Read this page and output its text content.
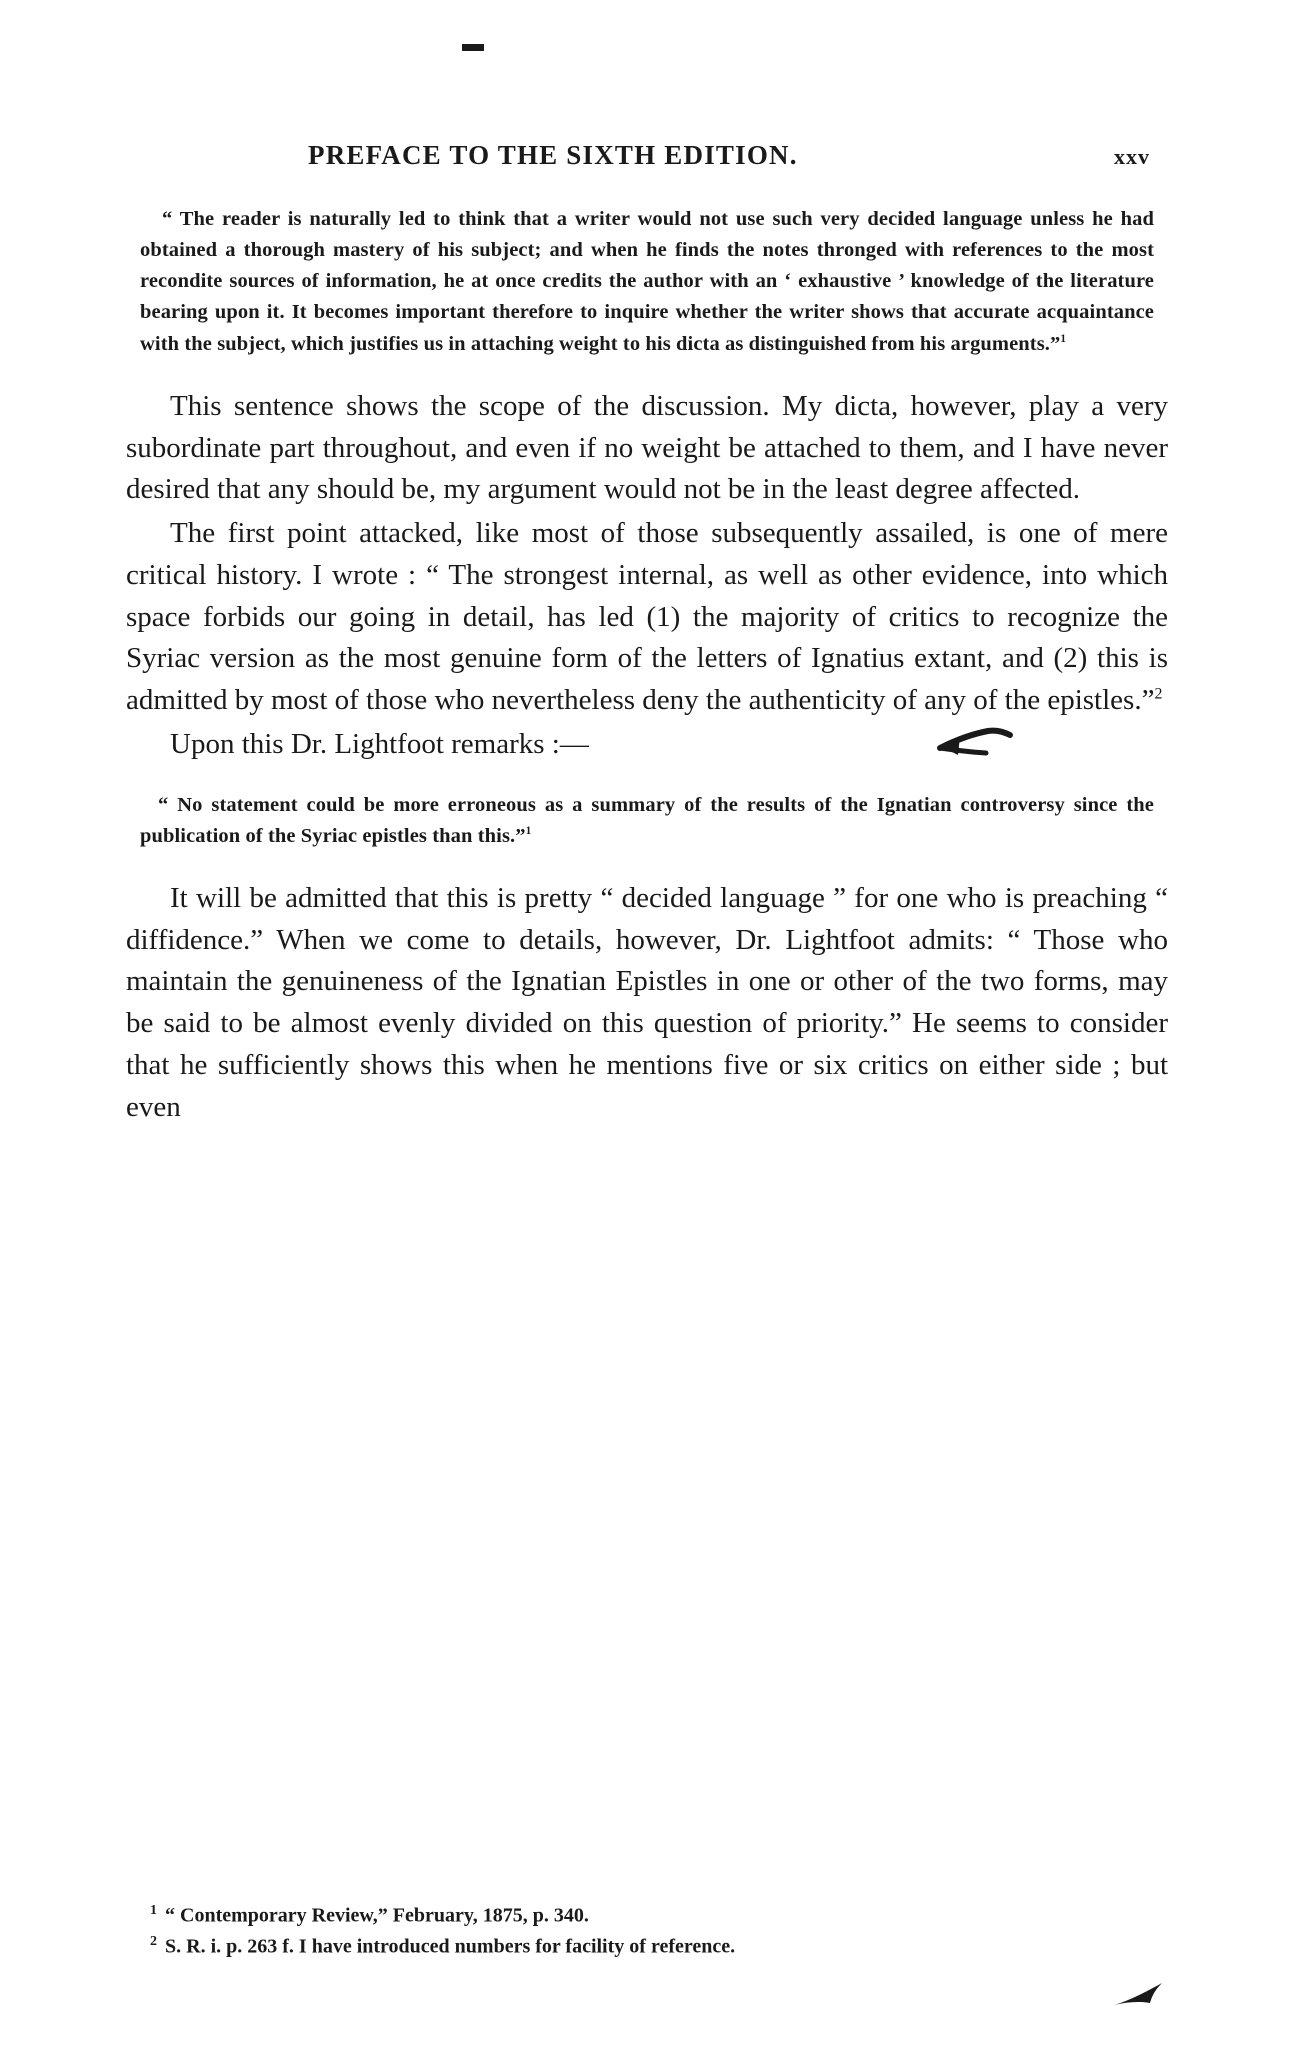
PREFACE TO THE SIXTH EDITION.	xxv

“ The reader is naturally led to think that a writer would not use such very decided language unless he had obtained a thorough mastery of his subject; and when he finds the notes thronged with references to the most recondite sources of information, he at once credits the author with an ‘ exhaustive ’ knowledge of the literature bearing upon it. It becomes important therefore to inquire whether the writer shows that accurate acquaintance with the subject, which justifies us in attaching weight to his dicta as distinguished from his arguments.”$^1$

This sentence shows the scope of the discussion. My dicta, however, play a very subordinate part throughout, and even if no weight be attached to them, and I have never desired that any should be, my argument would not be in the least degree affected.

The first point attacked, like most of those subsequently assailed, is one of mere critical history. I wrote : “ The strongest internal, as well as other evidence, into which space forbids our going in detail, has led (1) the majority of critics to recognize the Syriac version as the most genuine form of the letters of Ignatius extant, and (2) this is admitted by most of those who nevertheless deny the authenticity of any of the epistles.”$^2$

Upon this Dr. Lightfoot remarks :—

“ No statement could be more erroneous as a summary of the results of the Ignatian controversy since the publication of the Syriac epistles than this.”$^1$

It will be admitted that this is pretty “ decided language ” for one who is preaching “ diffidence.” When we come to details, however, Dr. Lightfoot admits: “ Those who maintain the genuineness of the Ignatian Epistles in one or other of the two forms, may be said to be almost evenly divided on this question of priority.” He seems to consider that he sufficiently shows this when he mentions five or six critics on either side ; but even

$^1$ “ Contemporary Review,” February, 1875, p. 340.
$^2$ S. R. i. p. 263 f. I have introduced numbers for facility of reference.
